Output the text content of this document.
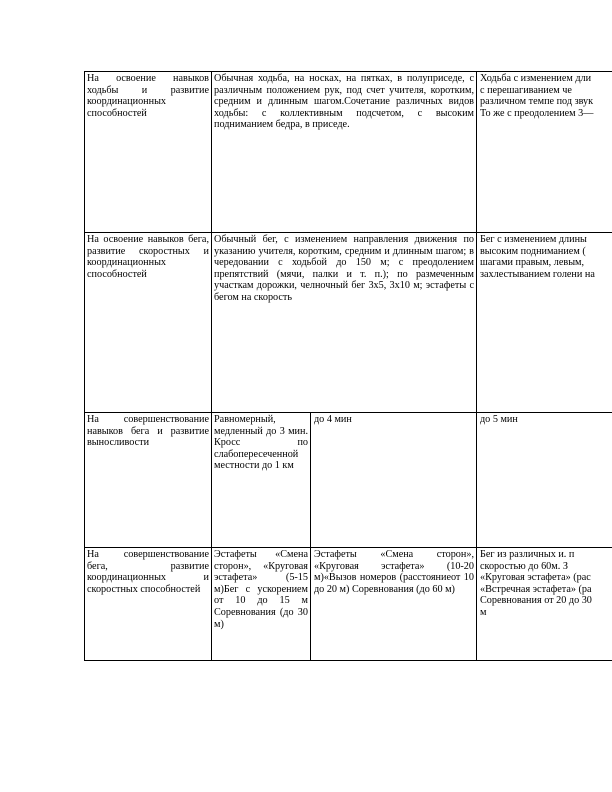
На освоение навыков ходьбы и развитие координационных способностей
Обычная ходьба, на носках, на пятках, в полуприседе, с различным положением рук, под счет учителя, коротким, средним и длинным шагом.Сочетание различных видов ходьбы: с коллективным подсчетом, с высоким подниманием бедра, в приседе.
Ходьба с изменением дли
с перешагиванием че
различном темпе под звук
То же с преодолением 3—
На освоение навыков бега, развитие скоростных и координационных способностей
Обычный бег, с изменением направления движения по указанию учителя, коротким, средним и длинным шагом; в чередовании с ходьбой до 150 м; с преодолением препятствий (мячи, палки и т. п.); по размеченным участкам дорожки, челночный бег 3х5, 3х10 м; эстафеты с бегом на скорость
Бег с изменением длины
высоким подниманием (
шагами правым, левым,
захлестыванием голени на
На совершенствование навыков бега и развитие выносливости
Равномерный, медленный до 3 мин. Кросс по слабопересеченной местности до 1 км
до 4 мин	до 5 мин
На совершенствование бега, развитие координационных и скоростных способностей
Эстафеты «Смена сторон», «Круговая эстафета» (5-15 м)Бег с ускорением от 10 до 15 м Соревнования (до 30 м)
Эстафеты «Смена сторон», «Круговая эстафета» (10-20 м)«Вызов номеров (расстояниеот 10 до 20 м) Соревнования (до 60 м)
Бег из различных и. п
скоростью до 60м. З
«Круговая эстафета» (рас
«Встречная эстафета» (ра
Соревнования от 20 до 30
м
